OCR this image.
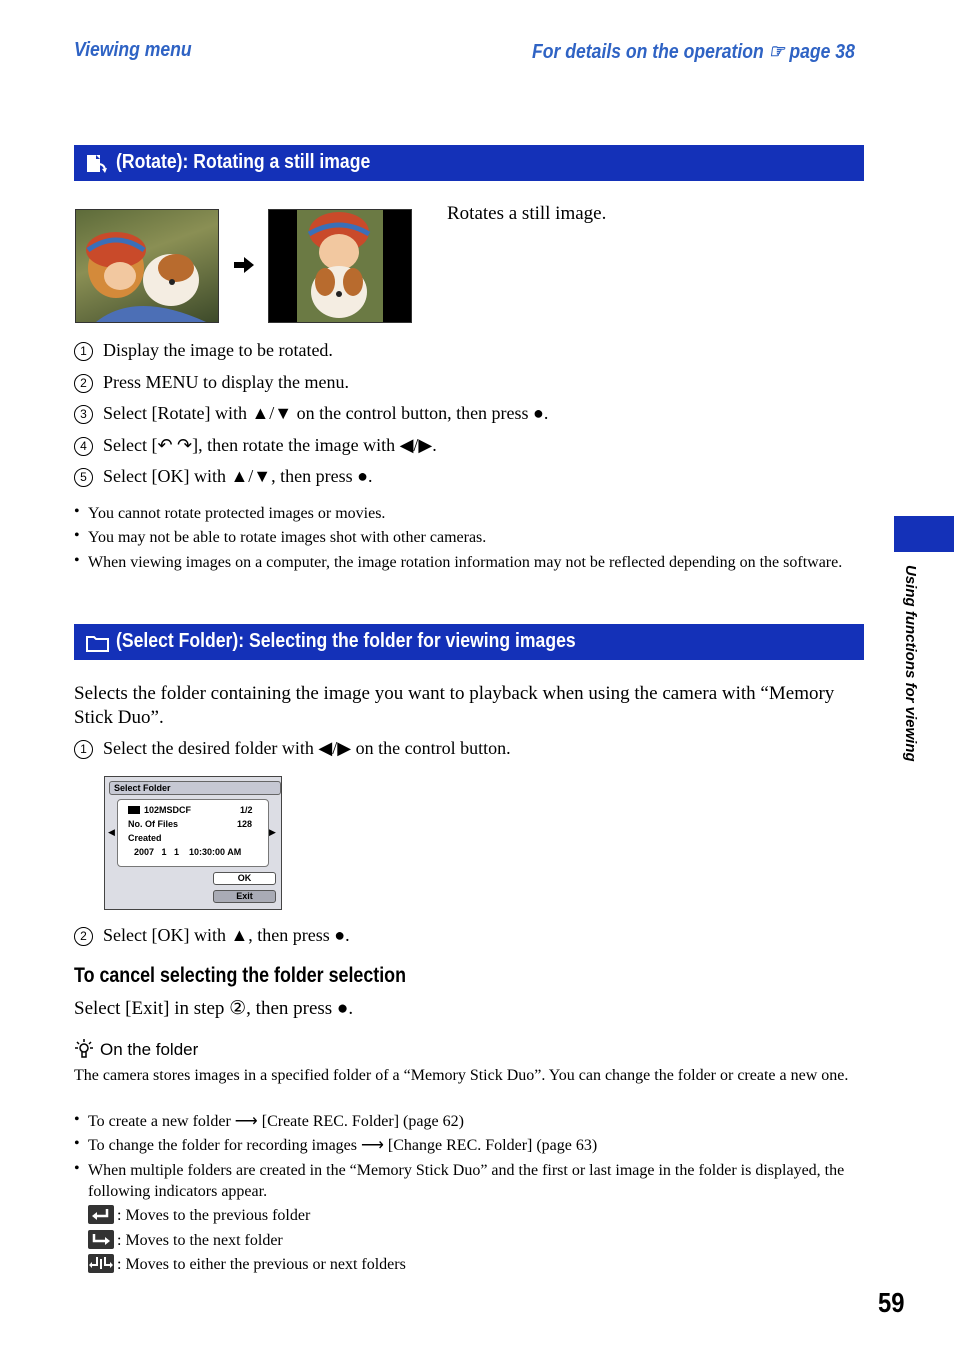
Viewing menu	For details on the operation ☞ page 38
(Rotate): Rotating a still image
Rotates a still image.
1 Display the image to be rotated.
2 Press MENU to display the menu.
3 Select [Rotate] with ▲/▼ on the control button, then press ●.
4 Select [↶ ↷], then rotate the image with ◀/▶.
5 Select [OK] with ▲/▼, then press ●.
• You cannot rotate protected images or movies.
• You may not be able to rotate images shot with other cameras.
• When viewing images on a computer, the image rotation information may not be reflected depending on the software.
(Select Folder): Selecting the folder for viewing images
Selects the folder containing the image you want to playback when using the camera with “Memory Stick Duo”.
1 Select the desired folder with ◀/▶ on the control button.
Select Folder
◀	▶
102MSDCF	1/2
No. Of Files	128
Created
2007   1   1    10:30:00 AM
OK
Exit
2 Select [OK] with ▲, then press ●.
To cancel selecting the folder selection
Select [Exit] in step ②, then press ●.
On the folder
The camera stores images in a specified folder of a “Memory Stick Duo”. You can change the folder or create a new one.
• To create a new folder ⟶ [Create REC. Folder] (page 62)
• To change the folder for recording images ⟶ [Change REC. Folder] (page 63)
• When multiple folders are created in the “Memory Stick Duo” and the first or last image in the folder is displayed, the following indicators appear.
: Moves to the previous folder
: Moves to the next folder
: Moves to either the previous or next folders
Using functions for viewing
59
